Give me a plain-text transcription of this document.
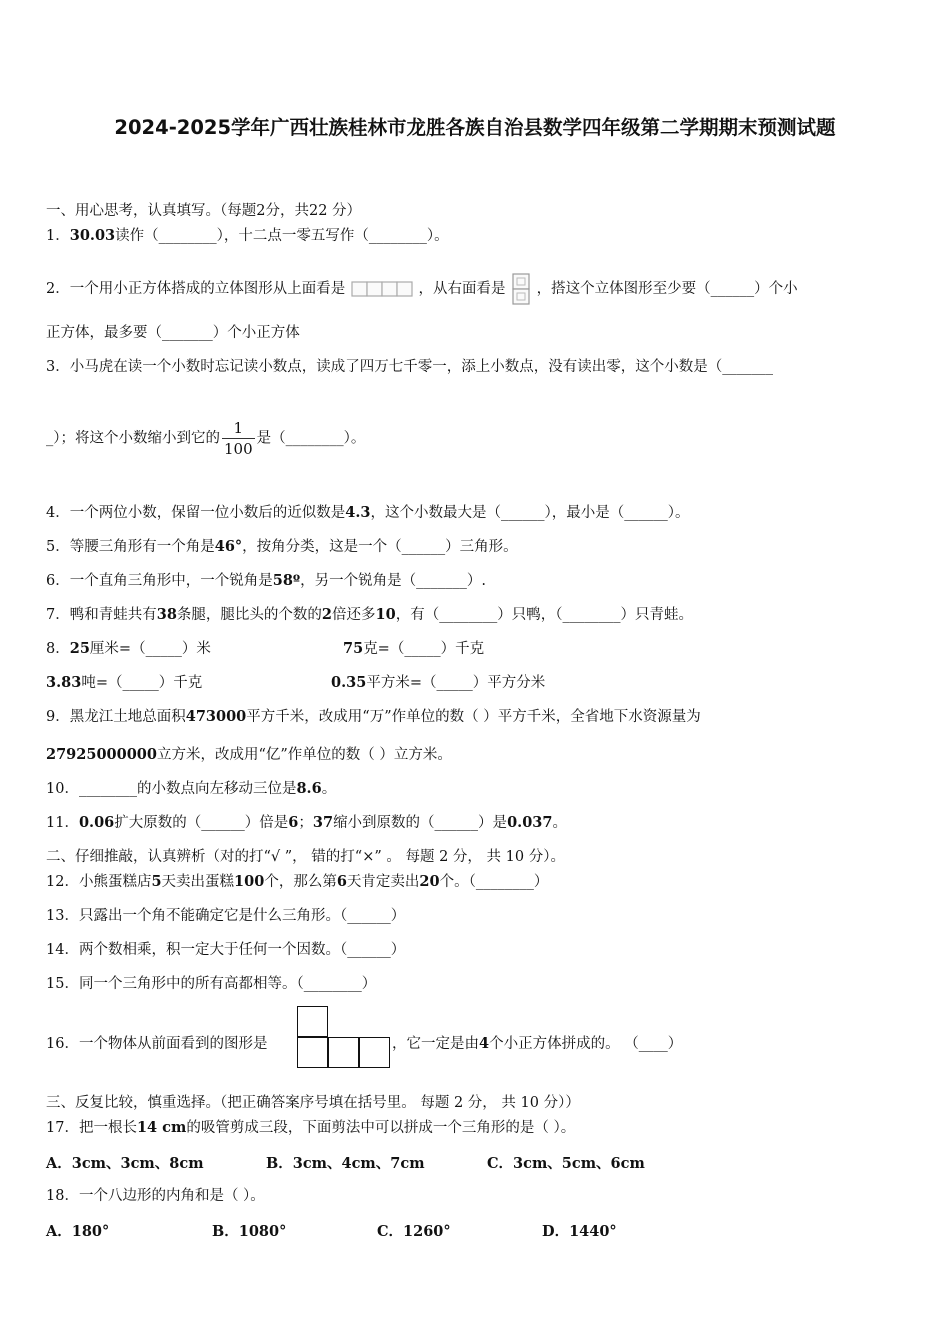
2024-2025学年广西壮族桂林市龙胜各族自治县数学四年级第二学期期末预测试题
一、用心思考，认真填写。（每题2分，共22 分）
1．30.03读作（________），十二点一零五写作（________）。
2．一个用小正方体搭成的立体图形从上面看是	，从右面看是 ，搭这个立体图形至少要（______）个小
正方体，最多要（_______）个小正方体
3．小马虎在读一个小数时忘记读小数点，读成了四万七千零一，添上小数点，没有读出零，这个小数是（_______
_）；将这个小数缩小到它的 $\frac{1}{100}$ 是（________）。
4．一个两位小数，保留一位小数后的近似数是4.3，这个小数最大是（______），最小是（______）。
5．等腰三角形有一个角是46°，按角分类，这是一个（______）三角形。
6．一个直角三角形中，一个锐角是58º，另一个锐角是（_______）.
7．鸭和青蛙共有38条腿，腿比头的个数的2倍还多10，有（________）只鸭，（________）只青蛙。
8．25厘米=（_____）米	75克=（_____）千克
3.83吨=（_____）千克	0.35平方米=（_____）平方分米
9．黑龙江土地总面积473000平方千米，改成用“万”作单位的数（ ）平方千米，全省地下水资源量为
27925000000立方米，改成用“亿”作单位的数（ ）立方米。
10．________的小数点向左移动三位是8.6。
11．0.06扩大原数的（______）倍是6；37缩小到原数的（______）是0.037。
二、仔细推敲，认真辨析（对的打“√ ”， 错的打“×” 。 每题 2 分， 共 10 分）。
12．小熊蛋糕店5天卖出蛋糕100个，那么第6天肯定卖出20个。（________）
13．只露出一个角不能确定它是什么三角形。（______）
14．两个数相乘，积一定大于任何一个因数。（______）
15．同一个三角形中的所有高都相等。（________）
16．一个物体从前面看到的图形是	，它一定是由4个小正方体拼成的。 （____）
三、反复比较，慎重选择。（把正确答案序号填在括号里。 每题 2 分， 共 10 分））
17．把一根长14 cm的吸管剪成三段，下面剪法中可以拼成一个三角形的是（ ）。
A．3cm、3cm、8cm	B．3cm、4cm、7cm	C．3cm、5cm、6cm
18．一个八边形的内角和是（ ）。
A．180°	B．1080°	C．1260°	D．1440°
